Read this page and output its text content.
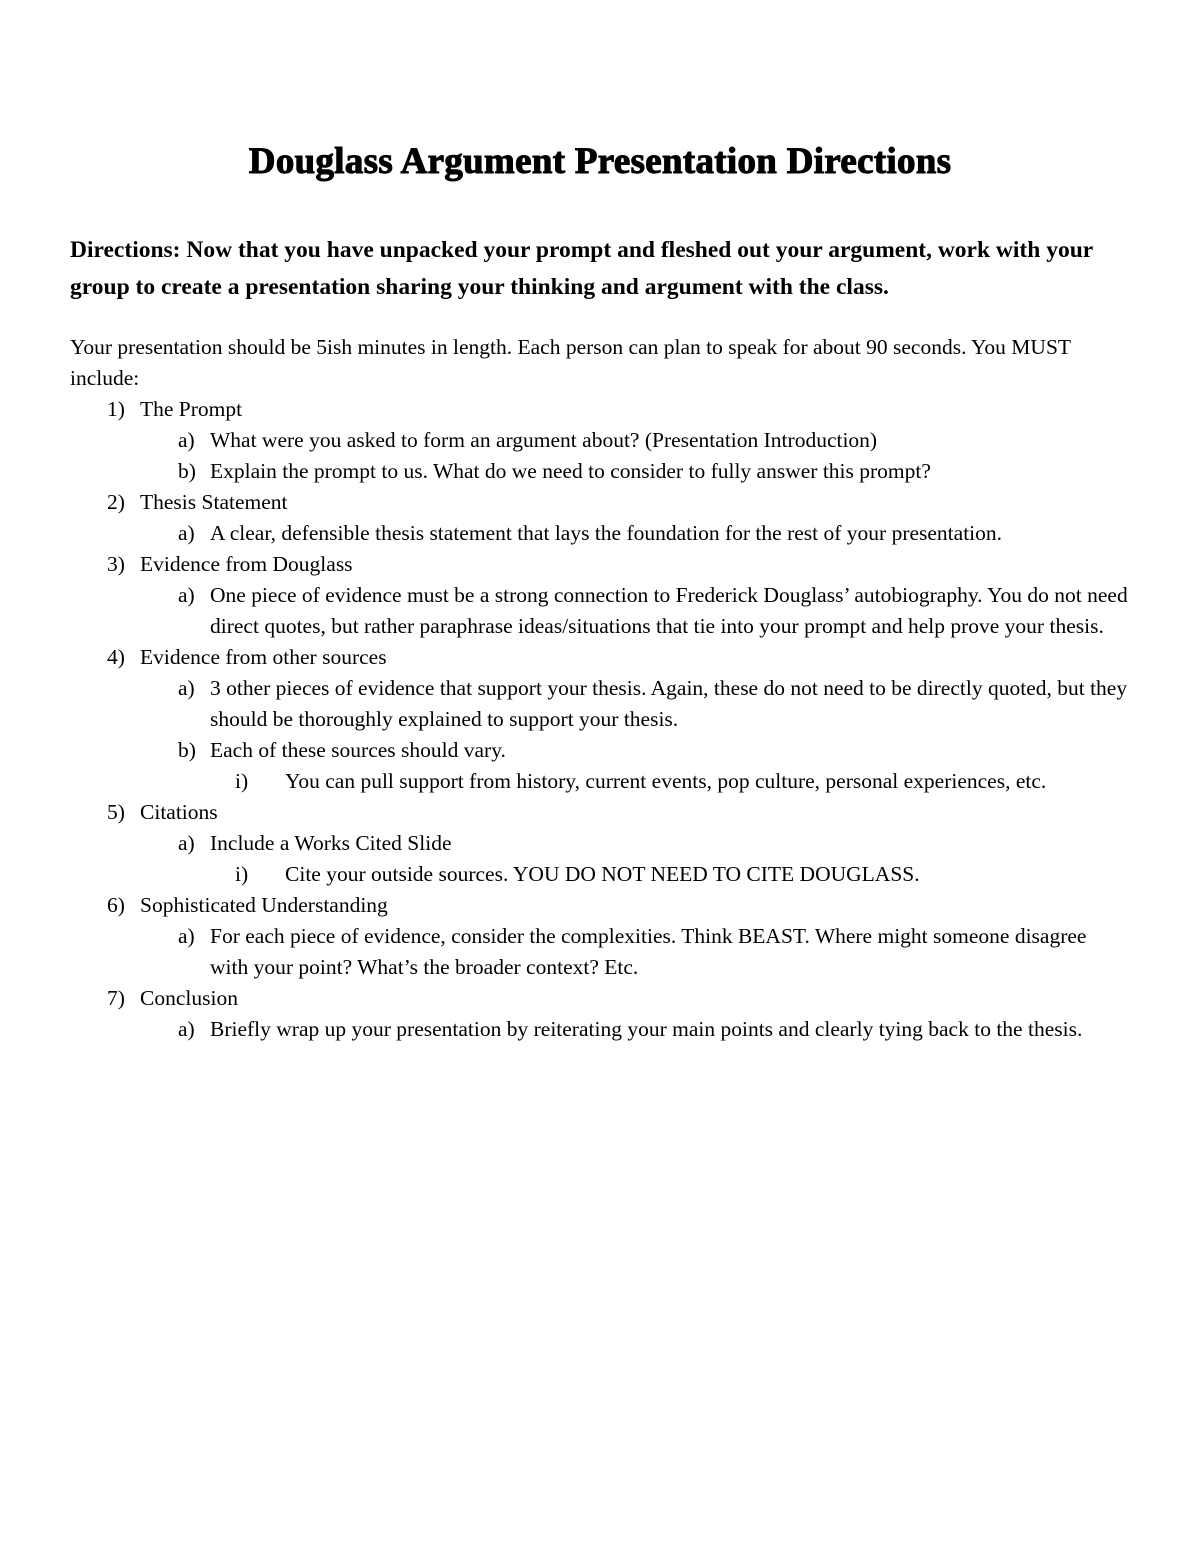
Douglass Argument Presentation Directions

Directions: Now that you have unpacked your prompt and fleshed out your argument, work with your group to create a presentation sharing your thinking and argument with the class.

Your presentation should be 5ish minutes in length. Each person can plan to speak for about 90 seconds. You MUST include:

1) The Prompt
a) What were you asked to form an argument about? (Presentation Introduction)
b) Explain the prompt to us. What do we need to consider to fully answer this prompt?
2) Thesis Statement
a) A clear, defensible thesis statement that lays the foundation for the rest of your presentation.
3) Evidence from Douglass
a) One piece of evidence must be a strong connection to Frederick Douglass’ autobiography. You do not need direct quotes, but rather paraphrase ideas/situations that tie into your prompt and help prove your thesis.
4) Evidence from other sources
a) 3 other pieces of evidence that support your thesis. Again, these do not need to be directly quoted, but they should be thoroughly explained to support your thesis.
b) Each of these sources should vary.
i)	You can pull support from history, current events, pop culture, personal experiences, etc.
5) Citations
a) Include a Works Cited Slide
i)	Cite your outside sources. YOU DO NOT NEED TO CITE DOUGLASS.
6) Sophisticated Understanding
a) For each piece of evidence, consider the complexities. Think BEAST. Where might someone disagree with your point? What’s the broader context? Etc.
7) Conclusion
a) Briefly wrap up your presentation by reiterating your main points and clearly tying back to the thesis.
